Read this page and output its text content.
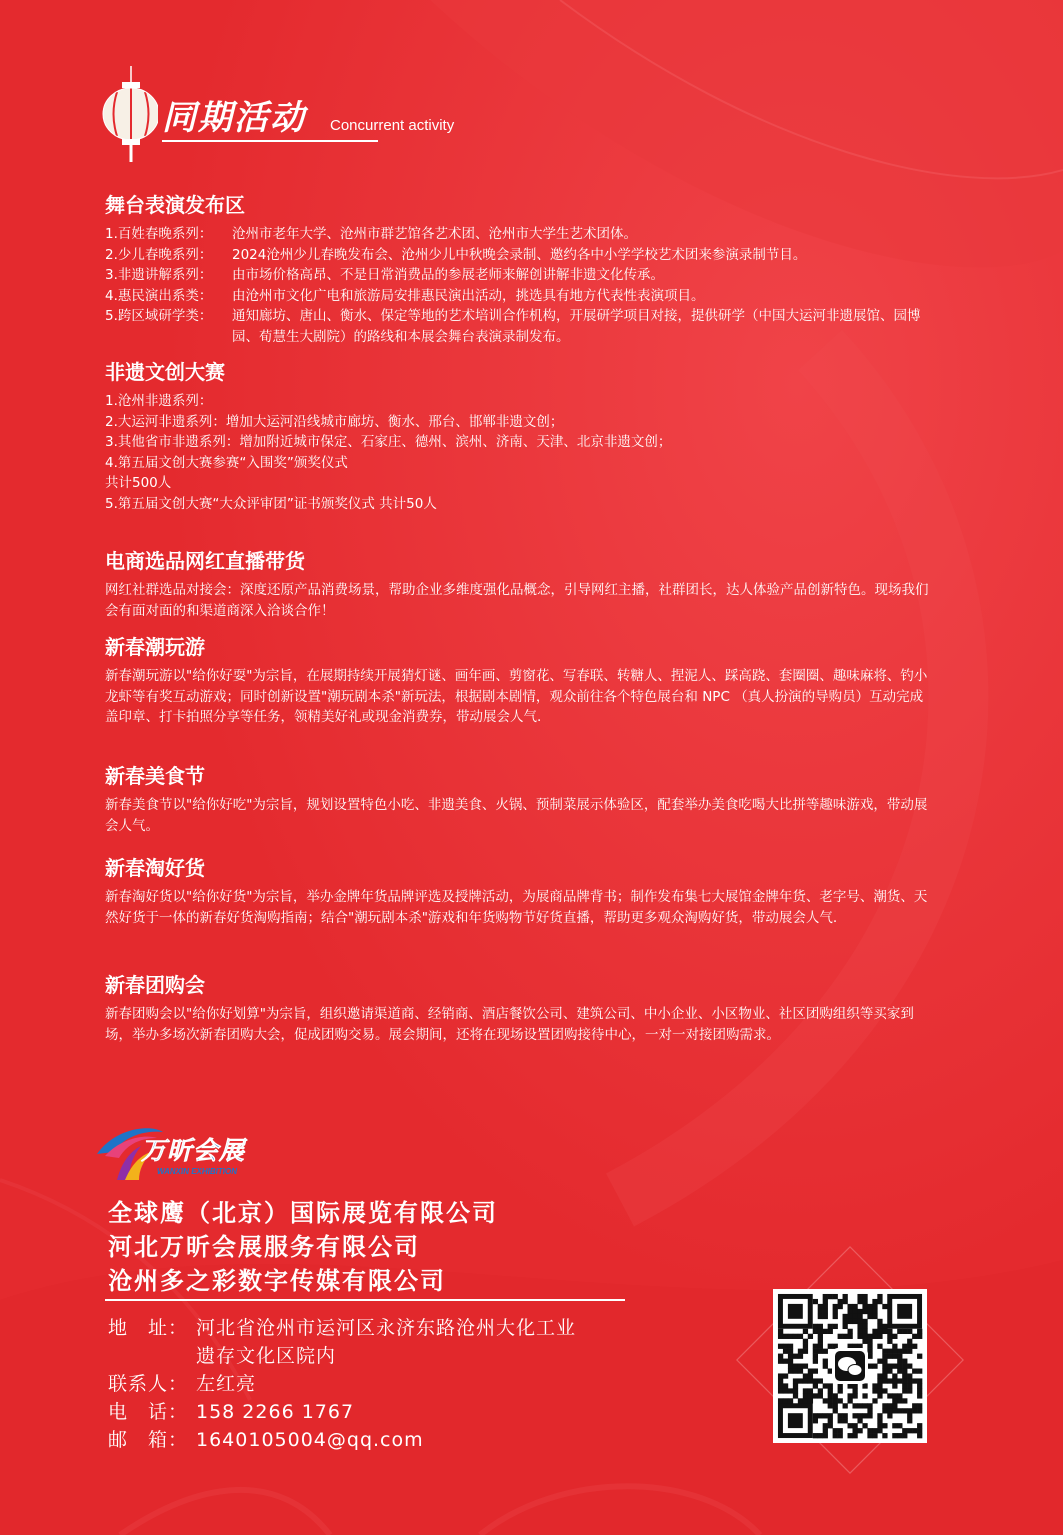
同期活动 Concurrent activity
舞台表演发布区
1.百姓春晚系列：	沧州市老年大学、沧州市群艺馆各艺术团、沧州市大学生艺术团体。
2.少儿春晚系列：	2024沧州少儿春晚发布会、沧州少儿中秋晚会录制、邀约各中小学学校艺术团来参演录制节目。
3.非遗讲解系列：	由市场价格高昂、不是日常消费品的参展老师来解创讲解非遗文化传承。
4.惠民演出系类：	由沧州市文化广电和旅游局安排惠民演出活动，挑选具有地方代表性表演项目。
5.跨区域研学类：	通知廊坊、唐山、衡水、保定等地的艺术培训合作机构，开展研学项目对接，提供研学（中国大运河非遗展馆、园博园、荀慧生大剧院）的路线和本展会舞台表演录制发布。
非遗文创大赛
1.沧州非遗系列：
2.大运河非遗系列：增加大运河沿线城市廊坊、衡水、邢台、邯郸非遗文创；
3.其他省市非遗系列：增加附近城市保定、石家庄、德州、滨州、济南、天津、北京非遗文创；
4.第五届文创大赛参赛“入围奖”颁奖仪式
共计500人
5.第五届文创大赛“大众评审团”证书颁奖仪式 共计50人
电商选品网红直播带货
网红社群选品对接会：深度还原产品消费场景，帮助企业多维度强化品概念，引导网红主播，社群团长，达人体验产品创新特色。现场我们会有面对面的和渠道商深入洽谈合作！
新春潮玩游
新春潮玩游以"给你好耍"为宗旨，在展期持续开展猜灯谜、画年画、剪窗花、写春联、转糖人、捏泥人、踩高跷、套圈圈、趣味麻将、钓小龙虾等有奖互动游戏；同时创新设置"潮玩剧本杀"新玩法，根据剧本剧情，观众前往各个特色展台和 NPC （真人扮演的导购员）互动完成盖印章、打卡拍照分享等任务，领精美好礼或现金消费券，带动展会人气.
新春美食节
新春美食节以"给你好吃"为宗旨，规划设置特色小吃、非遗美食、火锅、预制菜展示体验区，配套举办美食吃喝大比拼等趣味游戏，带动展会人气。
新春淘好货
新春淘好货以"给你好货"为宗旨，举办金牌年货品牌评选及授牌活动，为展商品牌背书；制作发布集七大展馆金牌年货、老字号、潮货、天然好货于一体的新春好货淘购指南；结合"潮玩剧本杀"游戏和年货购物节好货直播，帮助更多观众淘购好货，带动展会人气.
新春团购会
新春团购会以"给你好划算"为宗旨，组织邀请渠道商、经销商、酒店餐饮公司、建筑公司、中小企业、小区物业、社区团购组织等买家到场，举办多场次新春团购大会，促成团购交易。展会期间，还将在现场设置团购接待中心，一对一对接团购需求。
万昕会展
WANXIN EXHIBITION
全球鹰（北京）国际展览有限公司
河北万昕会展服务有限公司
沧州多之彩数字传媒有限公司
地　址： 河北省沧州市运河区永济东路沧州大化工业
遗存文化区院内
联系人： 左红亮
电　话： 158 2266 1767
邮　箱： 1640105004@qq.com
